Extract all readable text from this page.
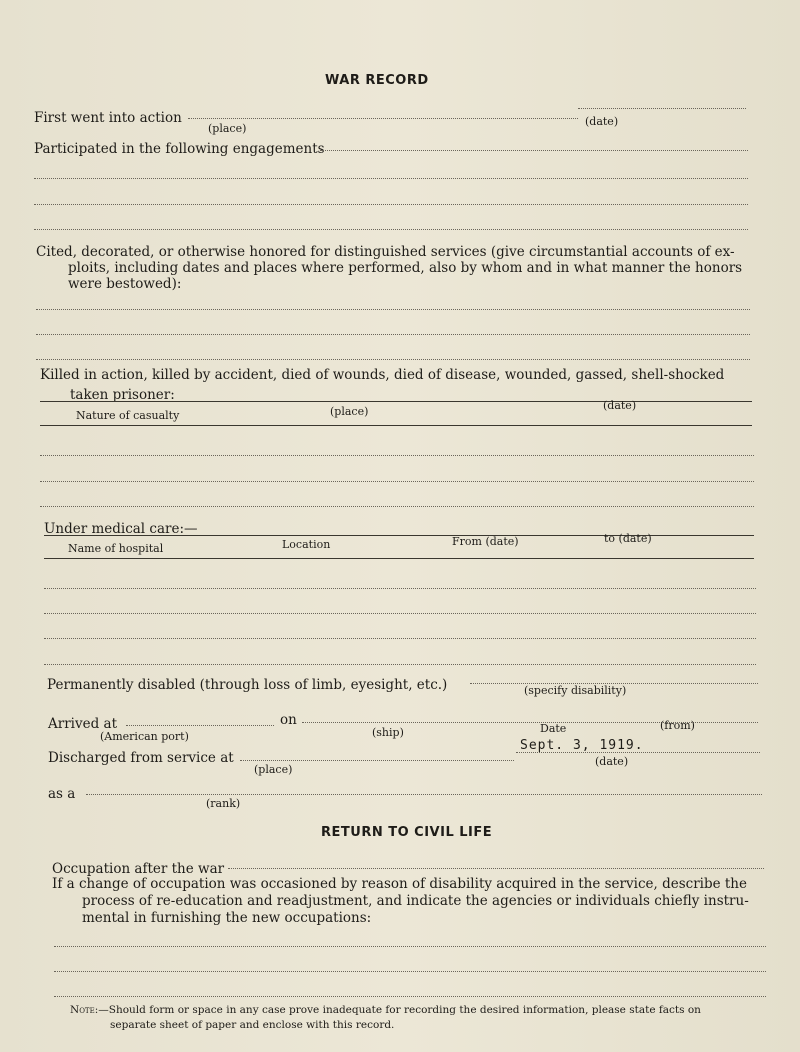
WAR RECORD
First went into action
(place)
(date)
Participated in the following engagements
Cited, decorated, or otherwise honored for distinguished services (give circumstantial accounts of ex-
ploits, including dates and places where performed, also by whom and in what manner the honors
were bestowed):
Killed in action, killed by accident, died of wounds, died of disease, wounded, gassed, shell-shocked
taken prisoner:
Nature of casualty	(place)	(date)
Under medical care:—
Name of hospital	Location	From (date)	to (date)
Permanently disabled (through loss of limb, eyesight, etc.)	(specify disability)
Arrived at	on
(American port)	(ship)	Date	(from)
Discharged from service at
Sept. 3, 1919.
(place)
(date)
as a
(rank)
RETURN TO CIVIL LIFE
Occupation after the war
If a change of occupation was occasioned by reason of disability acquired in the service, describe the
process of re-education and readjustment, and indicate the agencies or individuals chiefly instru-
mental in furnishing the new occupations:
Note:—Should form or space in any case prove inadequate for recording the desired information, please state facts on
separate sheet of paper and enclose with this record.
